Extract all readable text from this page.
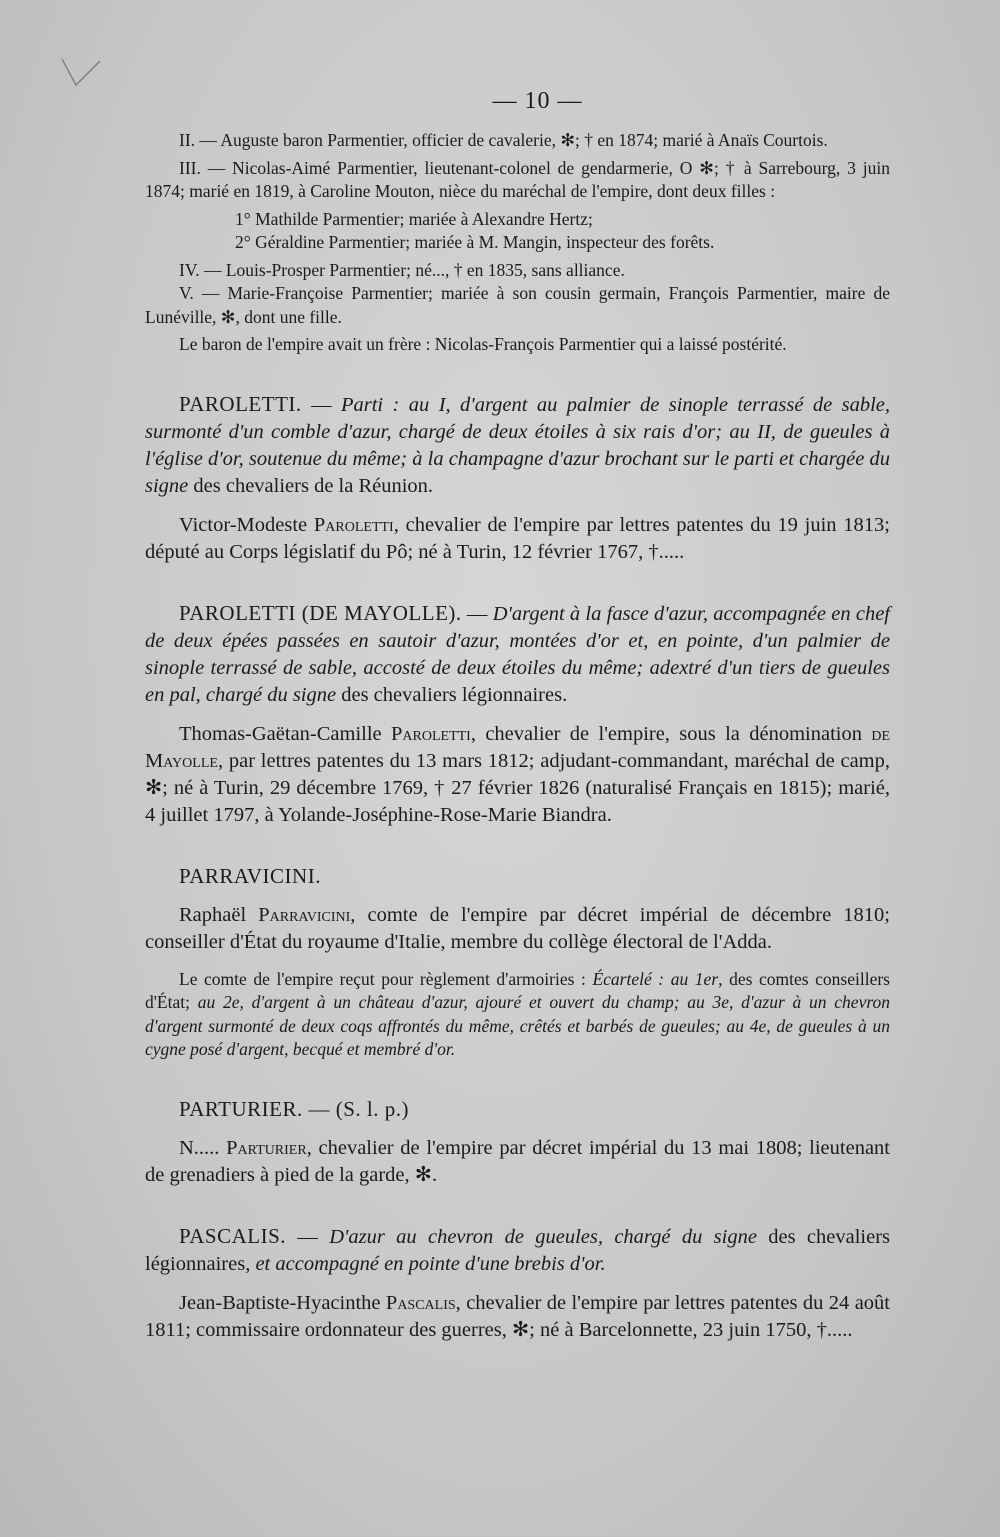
— 10 —

II. — Auguste baron Parmentier, officier de cavalerie, ✻; † en 1874; marié à Anaïs Courtois.

III. — Nicolas-Aimé Parmentier, lieutenant-colonel de gendarmerie, O ✻; † à Sarrebourg, 3 juin 1874; marié en 1819, à Caroline Mouton, nièce du maréchal de l'empire, dont deux filles :

1° Mathilde Parmentier; mariée à Alexandre Hertz;

2° Géraldine Parmentier; mariée à M. Mangin, inspecteur des forêts.

IV. — Louis-Prosper Parmentier; né..., † en 1835, sans alliance.

V. — Marie-Françoise Parmentier; mariée à son cousin germain, François Parmentier, maire de Lunéville, ✻, dont une fille.

Le baron de l'empire avait un frère : Nicolas-François Parmentier qui a laissé postérité.

PAROLETTI. — Parti : au I, d'argent au palmier de sinople terrassé de sable, surmonté d'un comble d'azur, chargé de deux étoiles à six rais d'or; au II, de gueules à l'église d'or, soutenue du même; à la champagne d'azur brochant sur le parti et chargée du signe des chevaliers de la Réunion.

Victor-Modeste Paroletti, chevalier de l'empire par lettres patentes du 19 juin 1813; député au Corps législatif du Pô; né à Turin, 12 février 1767, †.....

PAROLETTI (DE MAYOLLE). — D'argent à la fasce d'azur, accompagnée en chef de deux épées passées en sautoir d'azur, montées d'or et, en pointe, d'un palmier de sinople terrassé de sable, accosté de deux étoiles du même; adextré d'un tiers de gueules en pal, chargé du signe des chevaliers légionnaires.

Thomas-Gaëtan-Camille Paroletti, chevalier de l'empire, sous la dénomination de Mayolle, par lettres patentes du 13 mars 1812; adjudant-commandant, maréchal de camp, ✻; né à Turin, 29 décembre 1769, † 27 février 1826 (naturalisé Français en 1815); marié, 4 juillet 1797, à Yolande-Joséphine-Rose-Marie Biandra.

PARRAVICINI.

Raphaël Parravicini, comte de l'empire par décret impérial de décembre 1810; conseiller d'État du royaume d'Italie, membre du collège électoral de l'Adda.

Le comte de l'empire reçut pour règlement d'armoiries : Écartelé : au 1er, des comtes conseillers d'État; au 2e, d'argent à un château d'azur, ajouré et ouvert du champ; au 3e, d'azur à un chevron d'argent surmonté de deux coqs affrontés du même, crêtés et barbés de gueules; au 4e, de gueules à un cygne posé d'argent, becqué et membré d'or.

PARTURIER. — (S. l. p.)

N..... Parturier, chevalier de l'empire par décret impérial du 13 mai 1808; lieutenant de grenadiers à pied de la garde, ✻.

PASCALIS. — D'azur au chevron de gueules, chargé du signe des chevaliers légionnaires, et accompagné en pointe d'une brebis d'or.

Jean-Baptiste-Hyacinthe Pascalis, chevalier de l'empire par lettres patentes du 24 août 1811; commissaire ordonnateur des guerres, ✻; né à Barcelonnette, 23 juin 1750, †.....
